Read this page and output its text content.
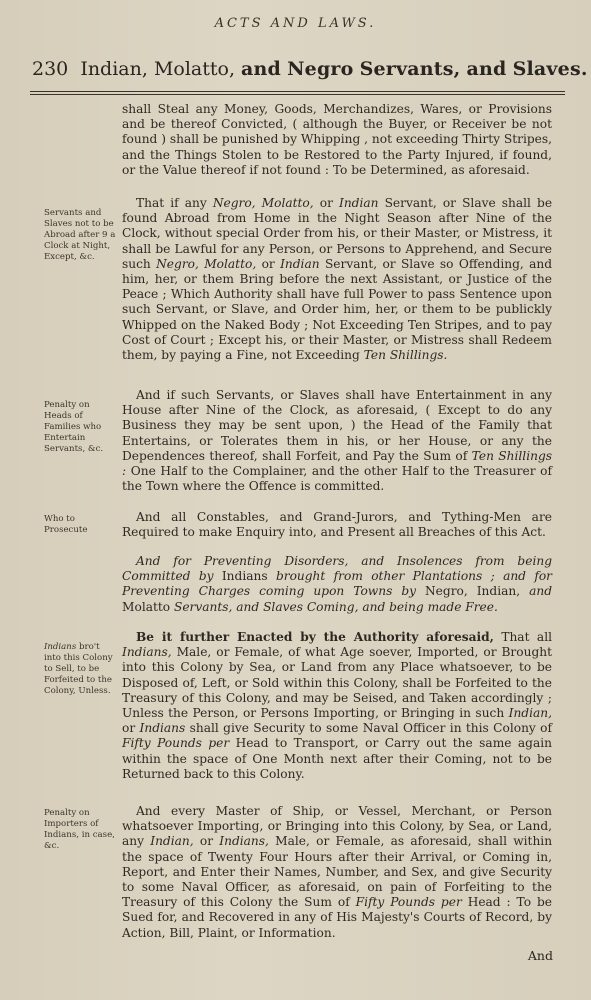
ACTS AND LAWS.
230 Indian, Molatto, and Negro Servants, and Slaves.
shall Steal any Money, Goods, Merchandizes, Wares, or Provisions and be thereof Convicted, ( although the Buyer, or Receiver be not found ) shall be punished by Whipping , not exceeding Thirty Stripes, and the Things Stolen to be Restored to the Party Injured, if found, or the Value thereof if not found : To be Determined, as aforesaid.
Servants and Slaves not to be Abroad after 9 a Clock at Night, Except, &c.
That if any Negro, Molatto, or Indian Servant, or Slave shall be found Abroad from Home in the Night Season after Nine of the Clock, without special Order from his, or their Master, or Mistress, it shall be Lawful for any Person, or Persons to Apprehend, and Secure such Negro, Molatto, or Indian Servant, or Slave so Offending, and him, her, or them Bring before the next Assistant, or Justice of the Peace ; Which Authority shall have full Power to pass Sentence upon such Servant, or Slave, and Order him, her, or them to be publickly Whipped on the Naked Body ; Not Exceeding Ten Stripes, and to pay Cost of Court ; Except his, or their Master, or Mistress shall Redeem them, by paying a Fine, not Exceeding Ten Shillings.
Penalty on Heads of Families who Entertain Servants, &c.
And if such Servants, or Slaves shall have Entertainment in any House after Nine of the Clock, as aforesaid, ( Except to do any Business they may be sent upon, ) the Head of the Family that Entertains, or Tolerates them in his, or her House, or any the Dependences thereof, shall Forfeit, and Pay the Sum of Ten Shillings : One Half to the Complainer, and the other Half to the Treasurer of the Town where the Offence is committed.
Who to Prosecute
And all Constables, and Grand-Jurors, and Tything-Men are Required to make Enquiry into, and Present all Breaches of this Act.
And for Preventing Disorders, and Insolences from being Committed by Indians brought from other Plantations ; and for Preventing Charges coming upon Towns by Negro, Indian, and Molatto Servants, and Slaves Coming, and being made Free.
Indians bro't into this Colony to Sell, to be Forfeited to the Colony, Unless.
Be it further Enacted by the Authority aforesaid, That all Indians, Male, or Female, of what Age soever, Imported, or Brought into this Colony by Sea, or Land from any Place whatsoever, to be Disposed of, Left, or Sold within this Colony, shall be Forfeited to the Treasury of this Colony, and may be Seised, and Taken accordingly ; Unless the Person, or Persons Importing, or Bringing in such Indian, or Indians shall give Security to some Naval Officer in this Colony of Fifty Pounds per Head to Transport, or Carry out the same again within the space of One Month next after their Coming, not to be Returned back to this Colony.
Penalty on Importers of Indians, in case, &c.
And every Master of Ship, or Vessel, Merchant, or Person whatsoever Importing, or Bringing into this Colony, by Sea, or Land, any Indian, or Indians, Male, or Female, as aforesaid, shall within the space of Twenty Four Hours after their Arrival, or Coming in, Report, and Enter their Names, Number, and Sex, and give Security to some Naval Officer, as aforesaid, on pain of Forfeiting to the Treasury of this Colony the Sum of Fifty Pounds per Head : To be Sued for, and Recovered in any of His Majesty's Courts of Record, by Action, Bill, Plaint, or Information.
And
